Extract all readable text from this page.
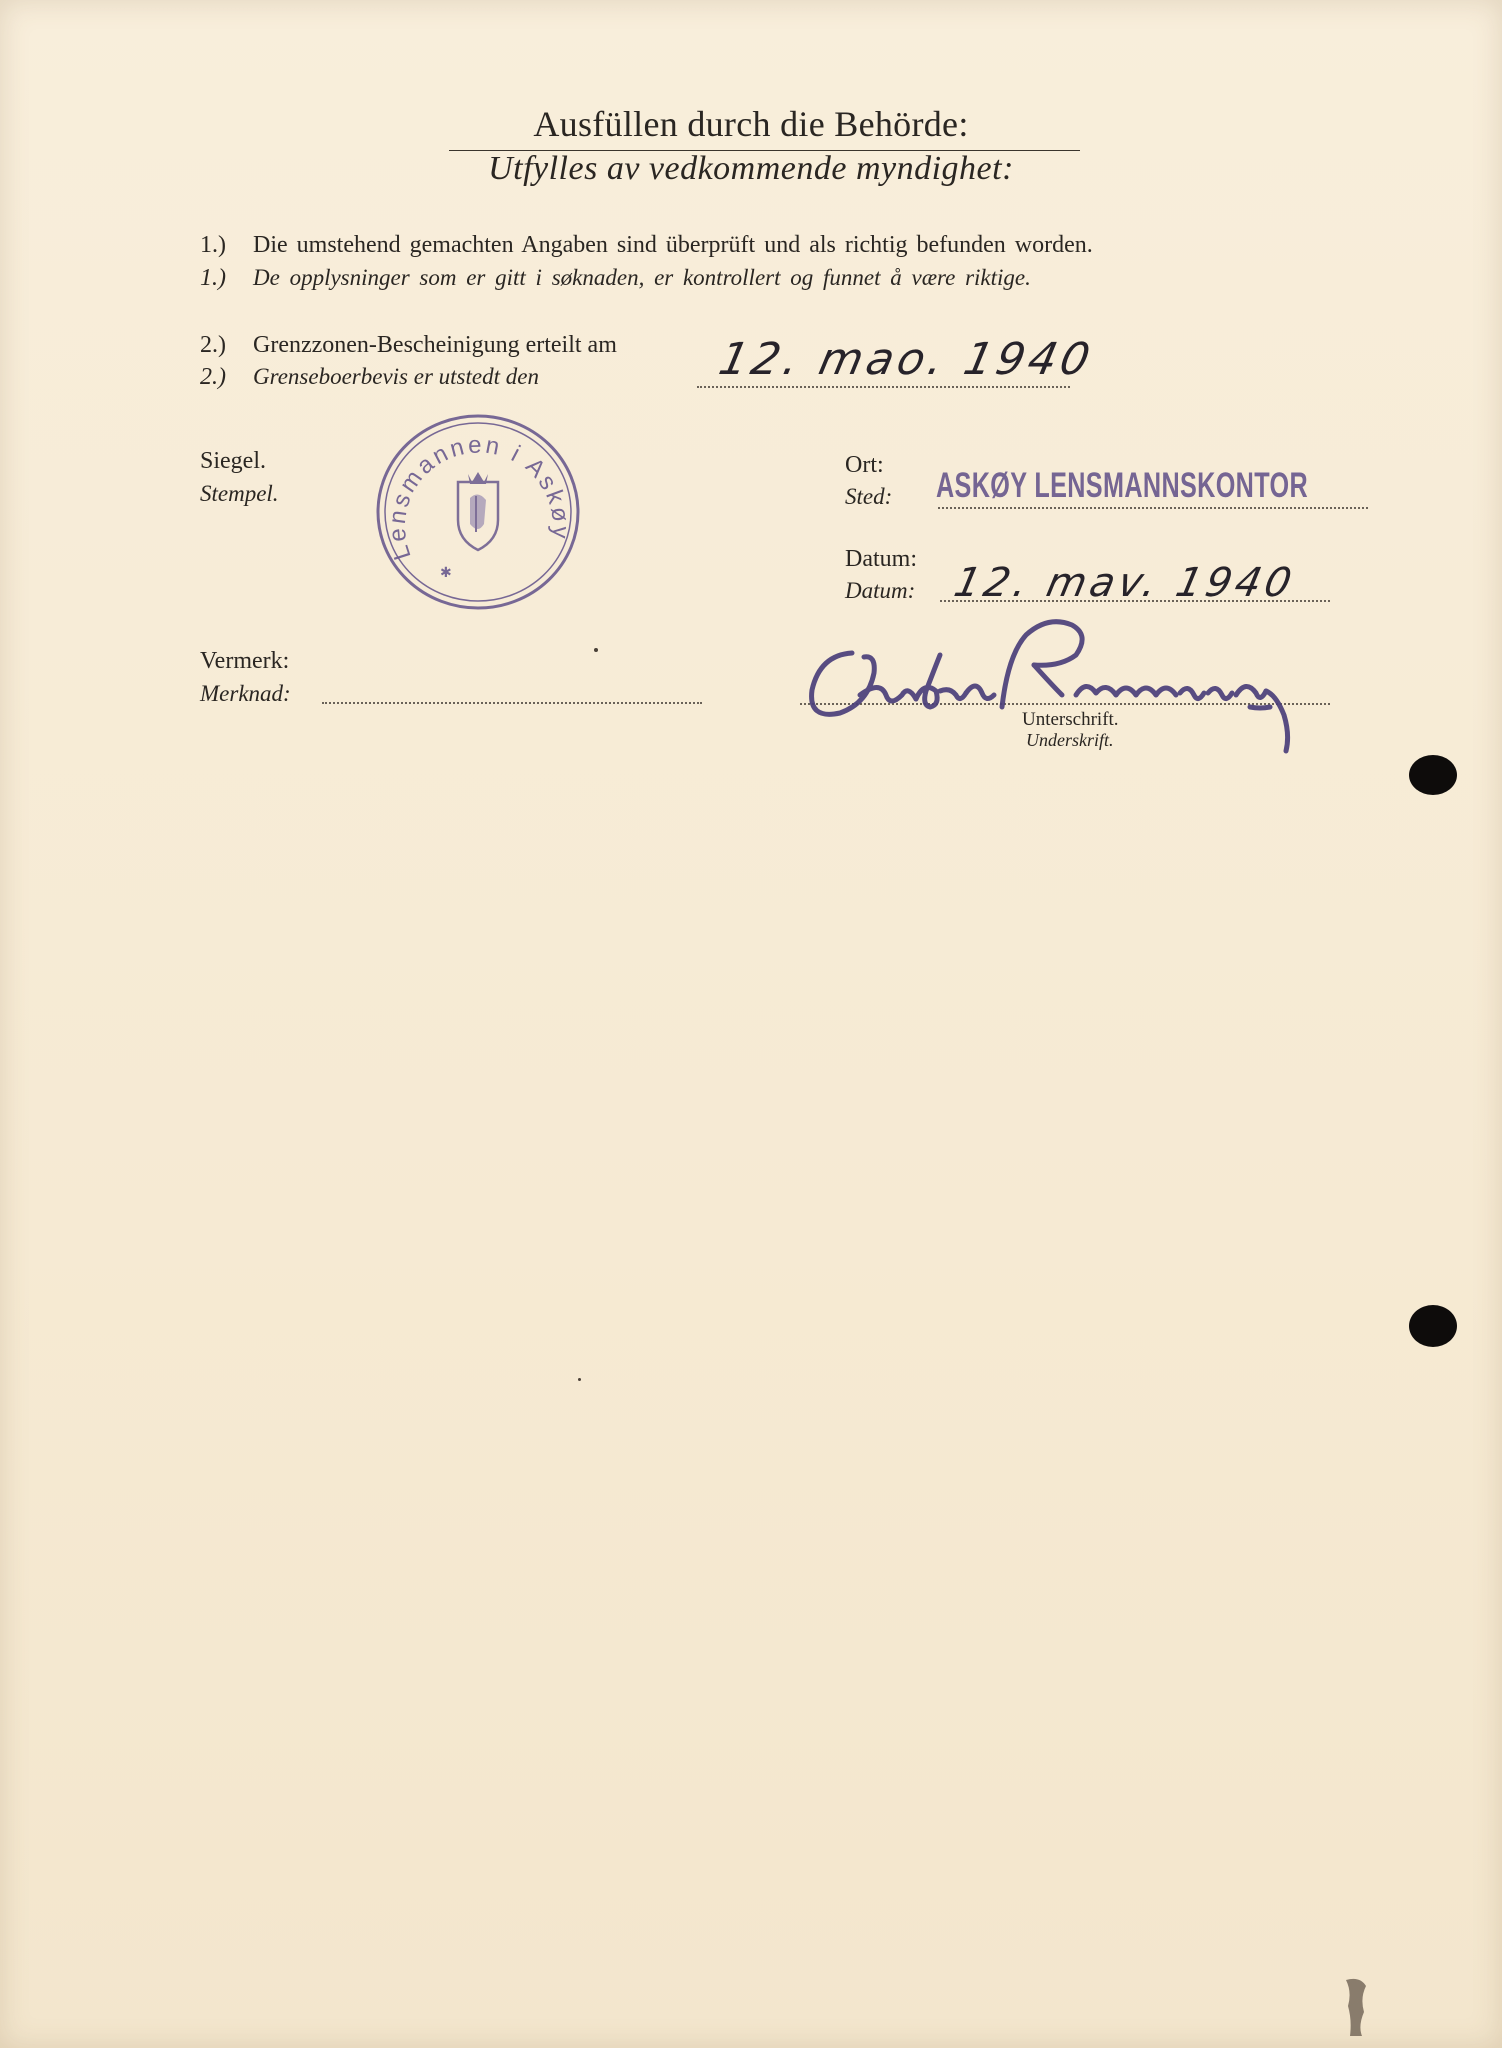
Ausfüllen durch die Behörde:
Utfylles av vedkommende myndighet:
1.) Die umstehend gemachten Angaben sind überprüft und als richtig befunden worden.
1.) De opplysninger som er gitt i søknaden, er kontrollert og funnet å være riktige.
2.) Grenzzonen-Bescheinigung erteilt am
2.) Grenseboerbevis er utstedt den	12. mao. 1940
Siegel.
Stempel.
Lensmannen i Askøy
✱
Ort:
Sted: ASKØY LENSMANNSKONTOR
Datum:
Datum: 12. mav. 1940
Vermerk:
Merknad:
Unterschrift.
Underskrift.
